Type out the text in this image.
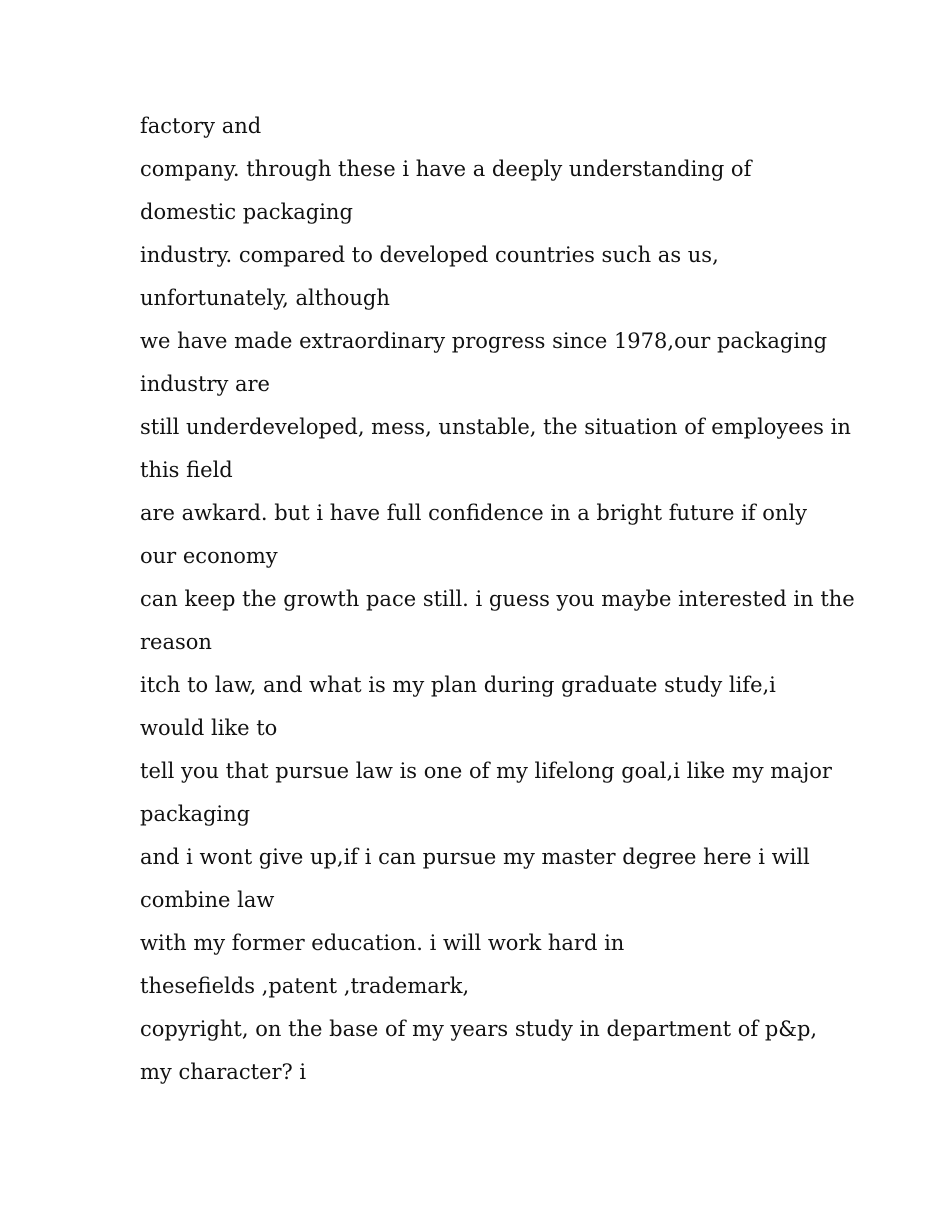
factory and
company. through these i have a deeply understanding of
domestic packaging
industry. compared to developed countries such as us,
unfortunately, although
we have made extraordinary progress since 1978,our packaging
industry are
still underdeveloped, mess, unstable, the situation of employees in
this field
are awkard. but i have full confidence in a bright future if only
our economy
can keep the growth pace still. i guess you maybe interested in the
reason
itch to law, and what is my plan during graduate study life,i
would like to
tell you that pursue law is one of my lifelong goal,i like my major
packaging
and i wont give up,if i can pursue my master degree here i will
combine law
with my former education. i will work hard in
thesefields ,patent ,trademark,
copyright, on the base of my years study in department of p&p,
my character? i
